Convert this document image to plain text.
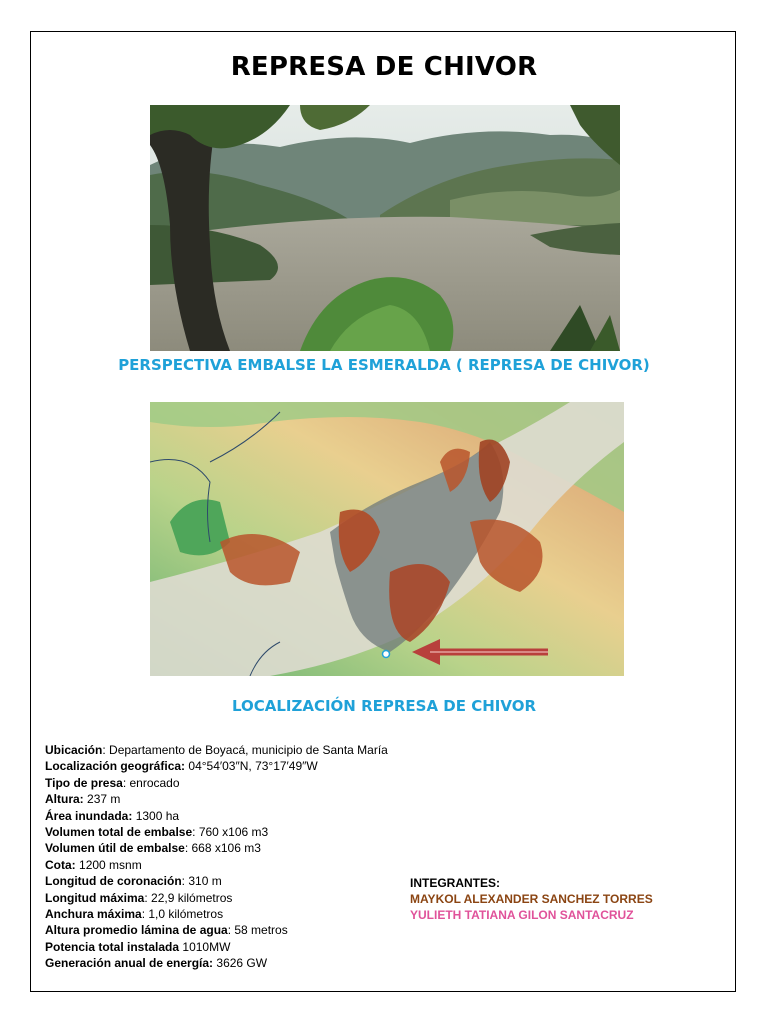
REPRESA DE CHIVOR
PERSPECTIVA EMBALSE LA ESMERALDA ( REPRESA DE CHIVOR)
LOCALIZACIÓN REPRESA DE CHIVOR
Ubicación: Departamento de Boyacá, municipio de Santa María
Localización geográfica: 04°54′03″N, 73°17′49″W
Tipo de presa: enrocado
Altura: 237 m
Área inundada: 1300 ha
Volumen total de embalse: 760 x106 m3
Volumen útil de embalse: 668 x106 m3
Cota: 1200 msnm
Longitud de coronación: 310 m
Longitud máxima: 22,9 kilómetros
Anchura máxima: 1,0 kilómetros
Altura promedio lámina de agua: 58 metros
Potencia total instalada 1010MW
Generación anual de energía: 3626 GW
INTEGRANTES:
MAYKOL ALEXANDER SANCHEZ TORRES
YULIETH TATIANA GILON SANTACRUZ
